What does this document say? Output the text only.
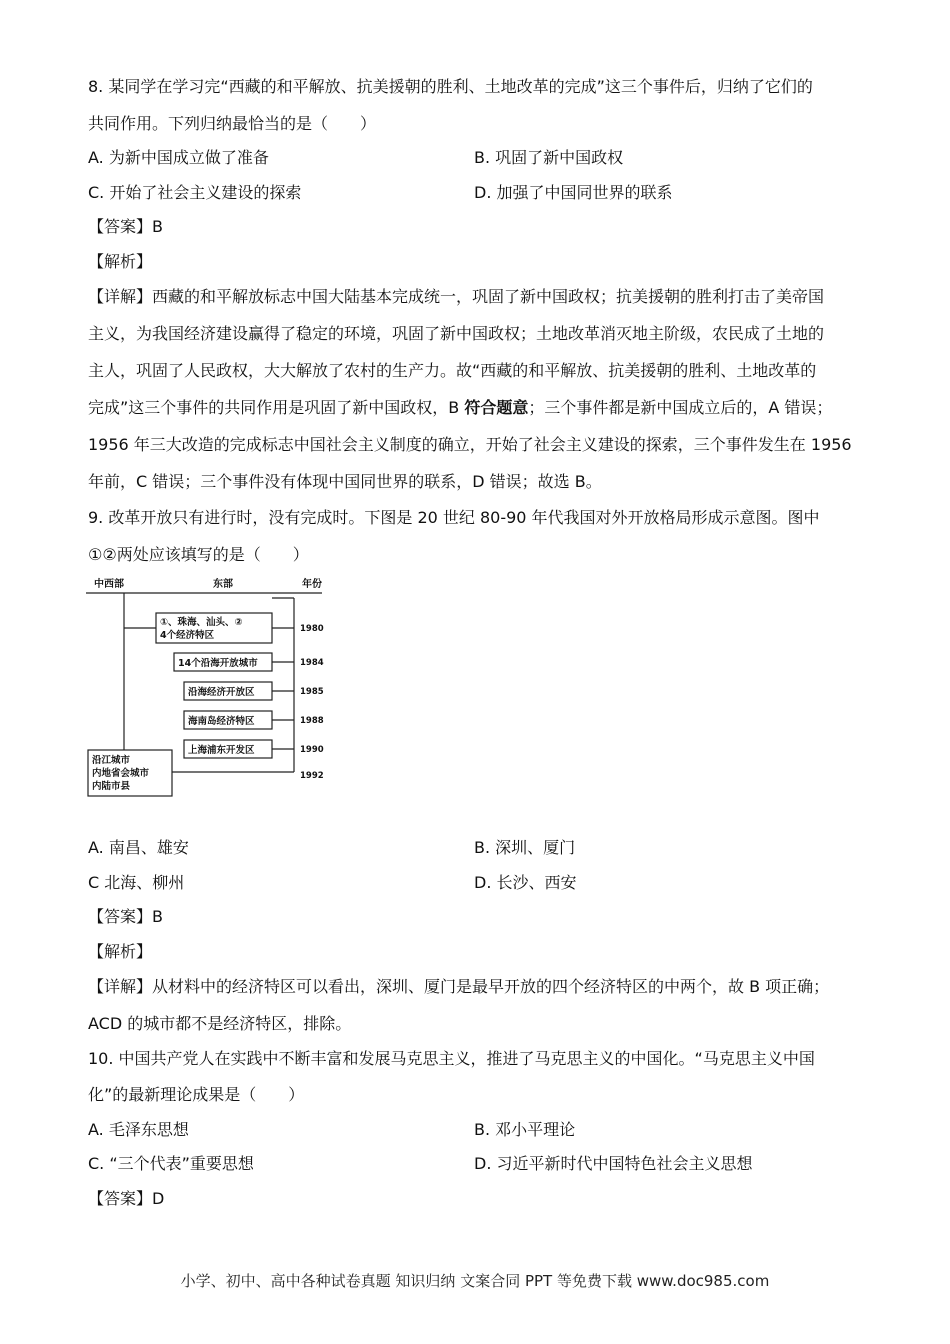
8. 某同学在学习完“西藏的和平解放、抗美援朝的胜利、土地改革的完成”这三个事件后，归纳了它们的
共同作用。下列归纳最恰当的是（　　）
A. 为新中国成立做了准备	B. 巩固了新中国政权
C. 开始了社会主义建设的探索	D. 加强了中国同世界的联系
【答案】B
【解析】
【详解】西藏的和平解放标志中国大陆基本完成统一，巩固了新中国政权；抗美援朝的胜利打击了美帝国
主义，为我国经济建设赢得了稳定的环境，巩固了新中国政权；土地改革消灭地主阶级，农民成了土地的
主人，巩固了人民政权，大大解放了农村的生产力。故“西藏的和平解放、抗美援朝的胜利、土地改革的
完成”这三个事件的共同作用是巩固了新中国政权，B 符合题意；三个事件都是新中国成立后的，A 错误；
1956 年三大改造的完成标志中国社会主义制度的确立，开始了社会主义建设的探索，三个事件发生在 1956
年前，C 错误；三个事件没有体现中国同世界的联系，D 错误；故选 B。
9. 改革开放只有进行时，没有完成时。下图是 20 世纪 80-90 年代我国对外开放格局形成示意图。图中
①②两处应该填写的是（　　）
中西部	东部	年份
①、珠海、汕头、②
4个经济特区
14个沿海开放城市
沿海经济开放区
海南岛经济特区
上海浦东开发区
沿江城市
内地省会城市
内陆市县
1980
1984
1985
1988
1990
1992
A. 南昌、雄安	B. 深圳、厦门
C 北海、柳州	D. 长沙、西安
【答案】B
【解析】
【详解】从材料中的经济特区可以看出，深圳、厦门是最早开放的四个经济特区的中两个，故 B 项正确；
ACD 的城市都不是经济特区，排除。
10. 中国共产党人在实践中不断丰富和发展马克思主义，推进了马克思主义的中国化。“马克思主义中国
化”的最新理论成果是（　　）
A. 毛泽东思想	B. 邓小平理论
C. “三个代表”重要思想	D. 习近平新时代中国特色社会主义思想
【答案】D
小学、初中、高中各种试卷真题 知识归纳 文案合同 PPT 等免费下载 www.doc985.com
